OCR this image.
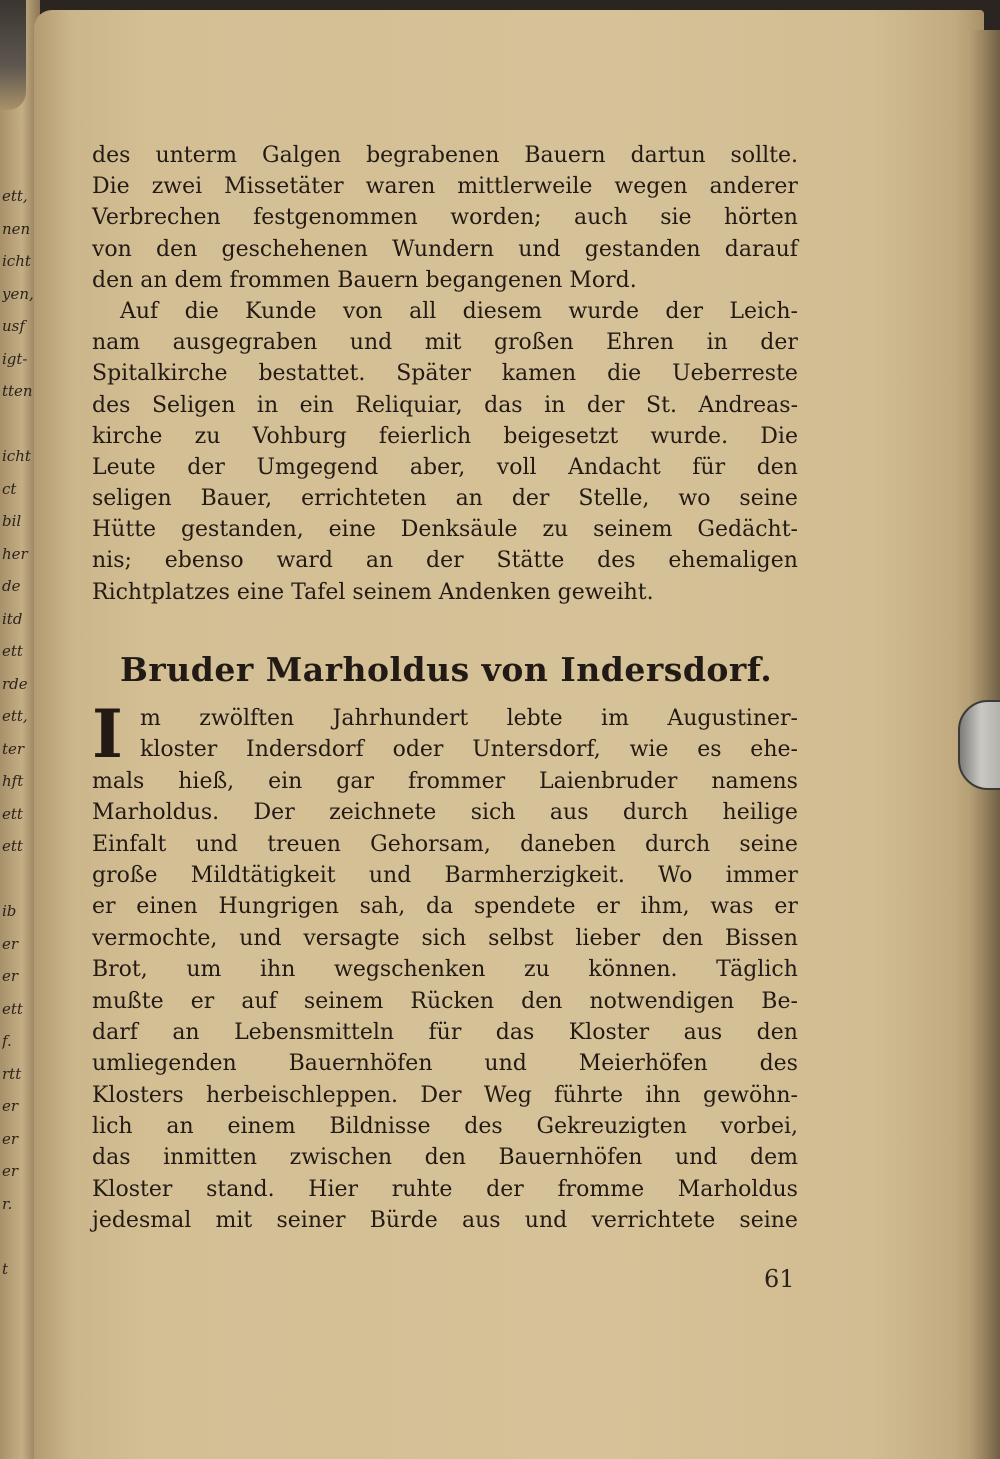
ett,
nen
icht
yen,
usf
igt-
tten
icht
ct
bil
her
de
itd
ett
rde
ett,
ter
hft
ett
ett
ib
er
er
ett
f.
rtt
er
er
er
r.
t
des unterm Galgen begrabenen Bauern dartun sollte.
Die zwei Missetäter waren mittlerweile wegen anderer
Verbrechen festgenommen worden; auch sie hörten
von den geschehenen Wundern und gestanden darauf
den an dem frommen Bauern begangenen Mord.
Auf die Kunde von all diesem wurde der Leich-
nam ausgegraben und mit großen Ehren in der
Spitalkirche bestattet. Später kamen die Ueberreste
des Seligen in ein Reliquiar, das in der St. Andreas-
kirche zu Vohburg feierlich beigesetzt wurde. Die
Leute der Umgegend aber, voll Andacht für den
seligen Bauer, errichteten an der Stelle, wo seine
Hütte gestanden, eine Denksäule zu seinem Gedächt-
nis; ebenso ward an der Stätte des ehemaligen
Richtplatzes eine Tafel seinem Andenken geweiht.
Bruder Marholdus von Indersdorf.
I m zwölften Jahrhundert lebte im Augustiner-
kloster Indersdorf oder Untersdorf, wie es ehe-
mals hieß, ein gar frommer Laienbruder namens
Marholdus. Der zeichnete sich aus durch heilige
Einfalt und treuen Gehorsam, daneben durch seine
große Mildtätigkeit und Barmherzigkeit. Wo immer
er einen Hungrigen sah, da spendete er ihm, was er
vermochte, und versagte sich selbst lieber den Bissen
Brot, um ihn wegschenken zu können. Täglich
mußte er auf seinem Rücken den notwendigen Be-
darf an Lebensmitteln für das Kloster aus den
umliegenden Bauernhöfen und Meierhöfen des
Klosters herbeischleppen. Der Weg führte ihn gewöhn-
lich an einem Bildnisse des Gekreuzigten vorbei,
das inmitten zwischen den Bauernhöfen und dem
Kloster stand. Hier ruhte der fromme Marholdus
jedesmal mit seiner Bürde aus und verrichtete seine
61
